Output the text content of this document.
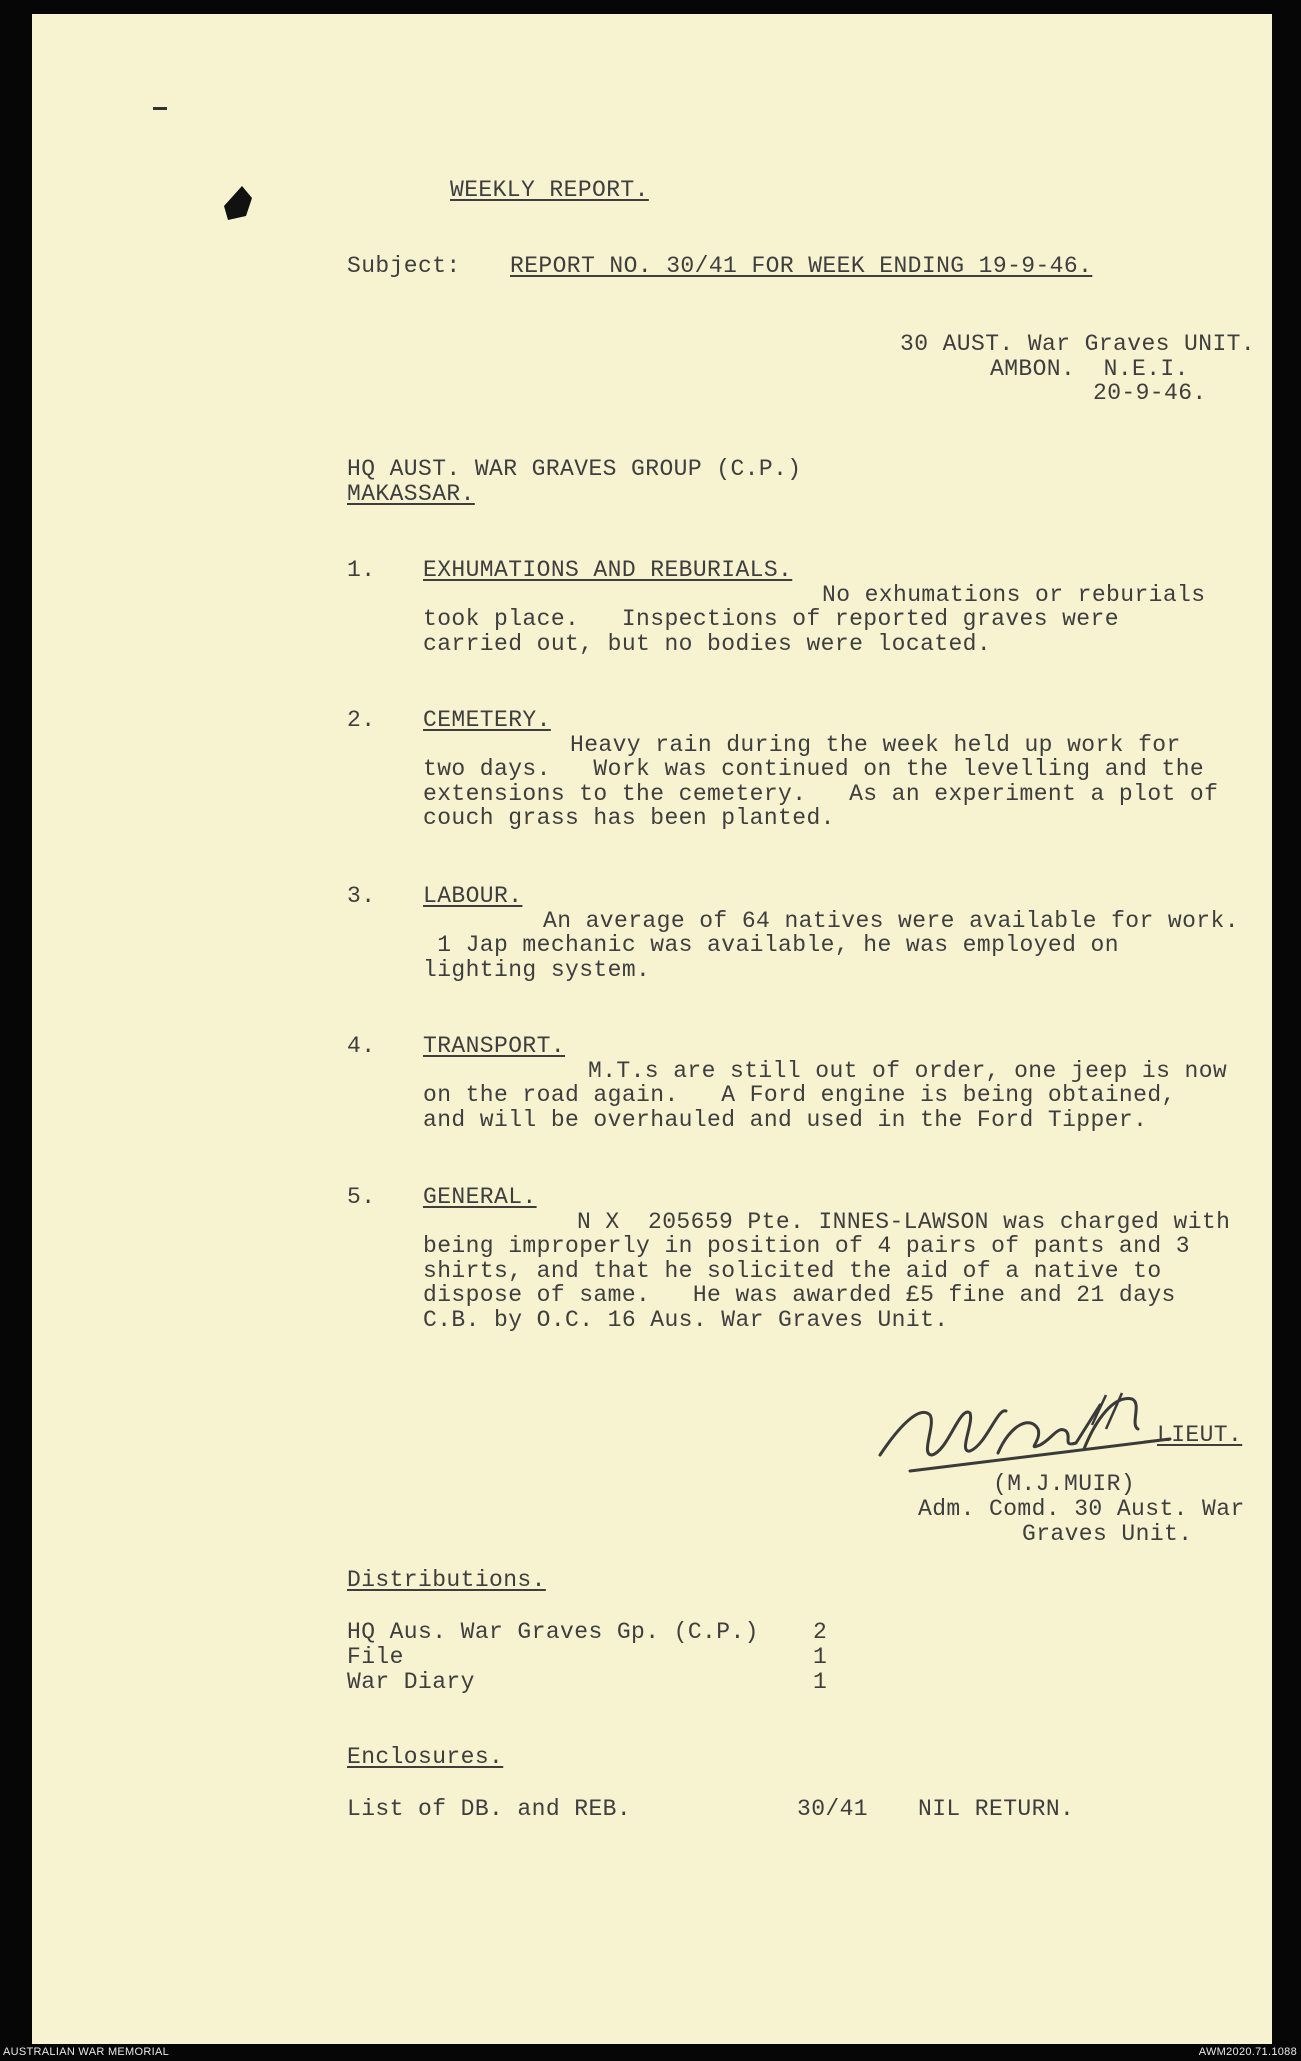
WEEKLY REPORT.

Subject: REPORT NO. 30/41 FOR WEEK ENDING 19-9-46.

30 AUST. War Graves UNIT.

AMBON.  N.E.I.

20-9-46.

HQ AUST. WAR GRAVES GROUP (C.P.)

MAKASSAR.

1. EXHUMATIONS AND REBURIALS.

No exhumations or reburials

took place.   Inspections of reported graves were

carried out, but no bodies were located.

2. CEMETERY.

Heavy rain during the week held up work for

two days.   Work was continued on the levelling and the

extensions to the cemetery.   As an experiment a plot of

couch grass has been planted.

3. LABOUR.

An average of 64 natives were available for work.

1 Jap mechanic was available, he was employed on

lighting system.

4. TRANSPORT.

M.T.s are still out of order, one jeep is now

on the road again.   A Ford engine is being obtained,

and will be overhauled and used in the Ford Tipper.

5. GENERAL.

N X  205659 Pte. INNES-LAWSON was charged with

being improperly in position of 4 pairs of pants and 3

shirts, and that he solicited the aid of a native to

dispose of same.   He was awarded £5 fine and 21 days

C.B. by O.C. 16 Aus. War Graves Unit.

LIEUT.

(M.J.MUIR)

Adm. Comd. 30 Aust. War

Graves Unit.

Distributions.

HQ Aus. War Graves Gp. (C.P.) 2

File	1

War Diary	1

Enclosures.

List of DB. and REB.	30/41 NIL RETURN.

AUSTRALIAN WAR MEMORIAL	AWM2020.71.1088
